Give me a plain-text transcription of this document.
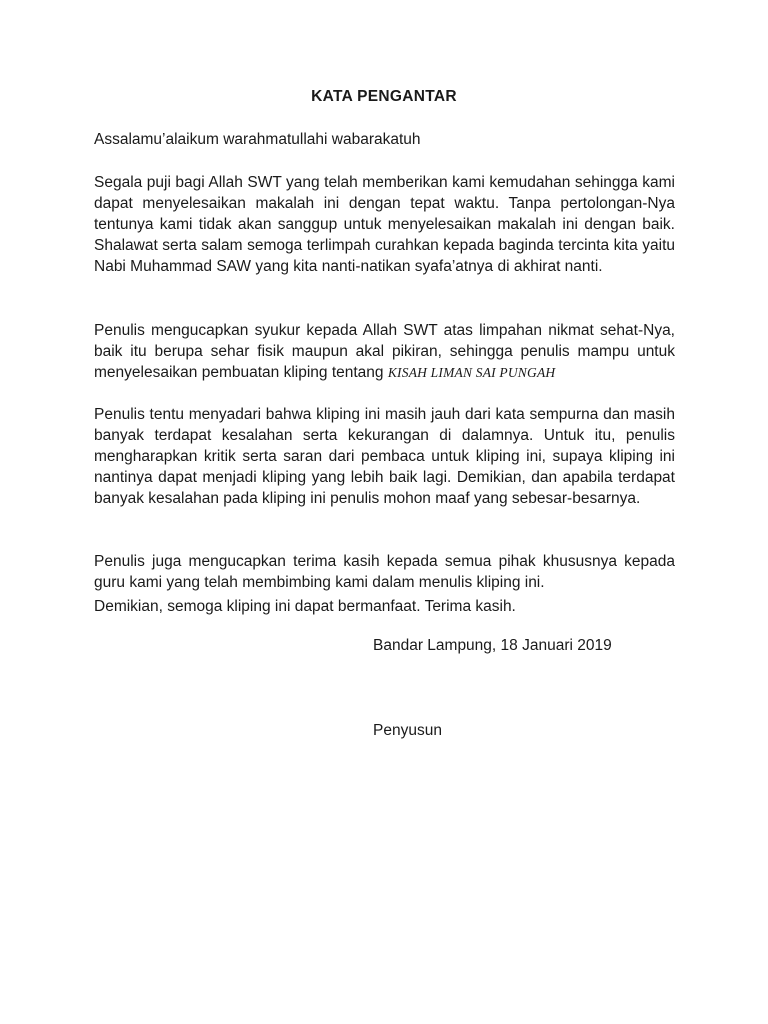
KATA PENGANTAR

Assalamu’alaikum warahmatullahi wabarakatuh

Segala puji bagi Allah SWT yang telah memberikan kami kemudahan sehingga kami dapat menyelesaikan makalah ini dengan tepat waktu. Tanpa pertolongan-Nya tentunya kami tidak akan sanggup untuk menyelesaikan makalah ini dengan baik. Shalawat serta salam semoga terlimpah curahkan kepada baginda tercinta kita yaitu Nabi Muhammad SAW yang kita nanti-natikan syafa’atnya di akhirat nanti.

Penulis mengucapkan syukur kepada Allah SWT atas limpahan nikmat sehat-Nya, baik itu berupa sehar fisik maupun akal pikiran, sehingga penulis mampu untuk menyelesaikan pembuatan kliping tentang KISAH LIMAN SAI PUNGAH

Penulis tentu menyadari bahwa kliping ini masih jauh dari kata sempurna dan masih banyak terdapat kesalahan serta kekurangan di dalamnya. Untuk itu, penulis mengharapkan kritik serta saran dari pembaca untuk kliping ini, supaya kliping ini nantinya dapat menjadi kliping yang lebih baik lagi. Demikian, dan apabila terdapat banyak kesalahan pada kliping ini penulis mohon maaf yang sebesar-besarnya.

Penulis juga mengucapkan terima kasih kepada semua pihak khususnya kepada guru kami yang telah membimbing kami dalam menulis kliping ini.

Demikian, semoga kliping ini dapat bermanfaat. Terima kasih.

Bandar Lampung, 18 Januari 2019

Penyusun
